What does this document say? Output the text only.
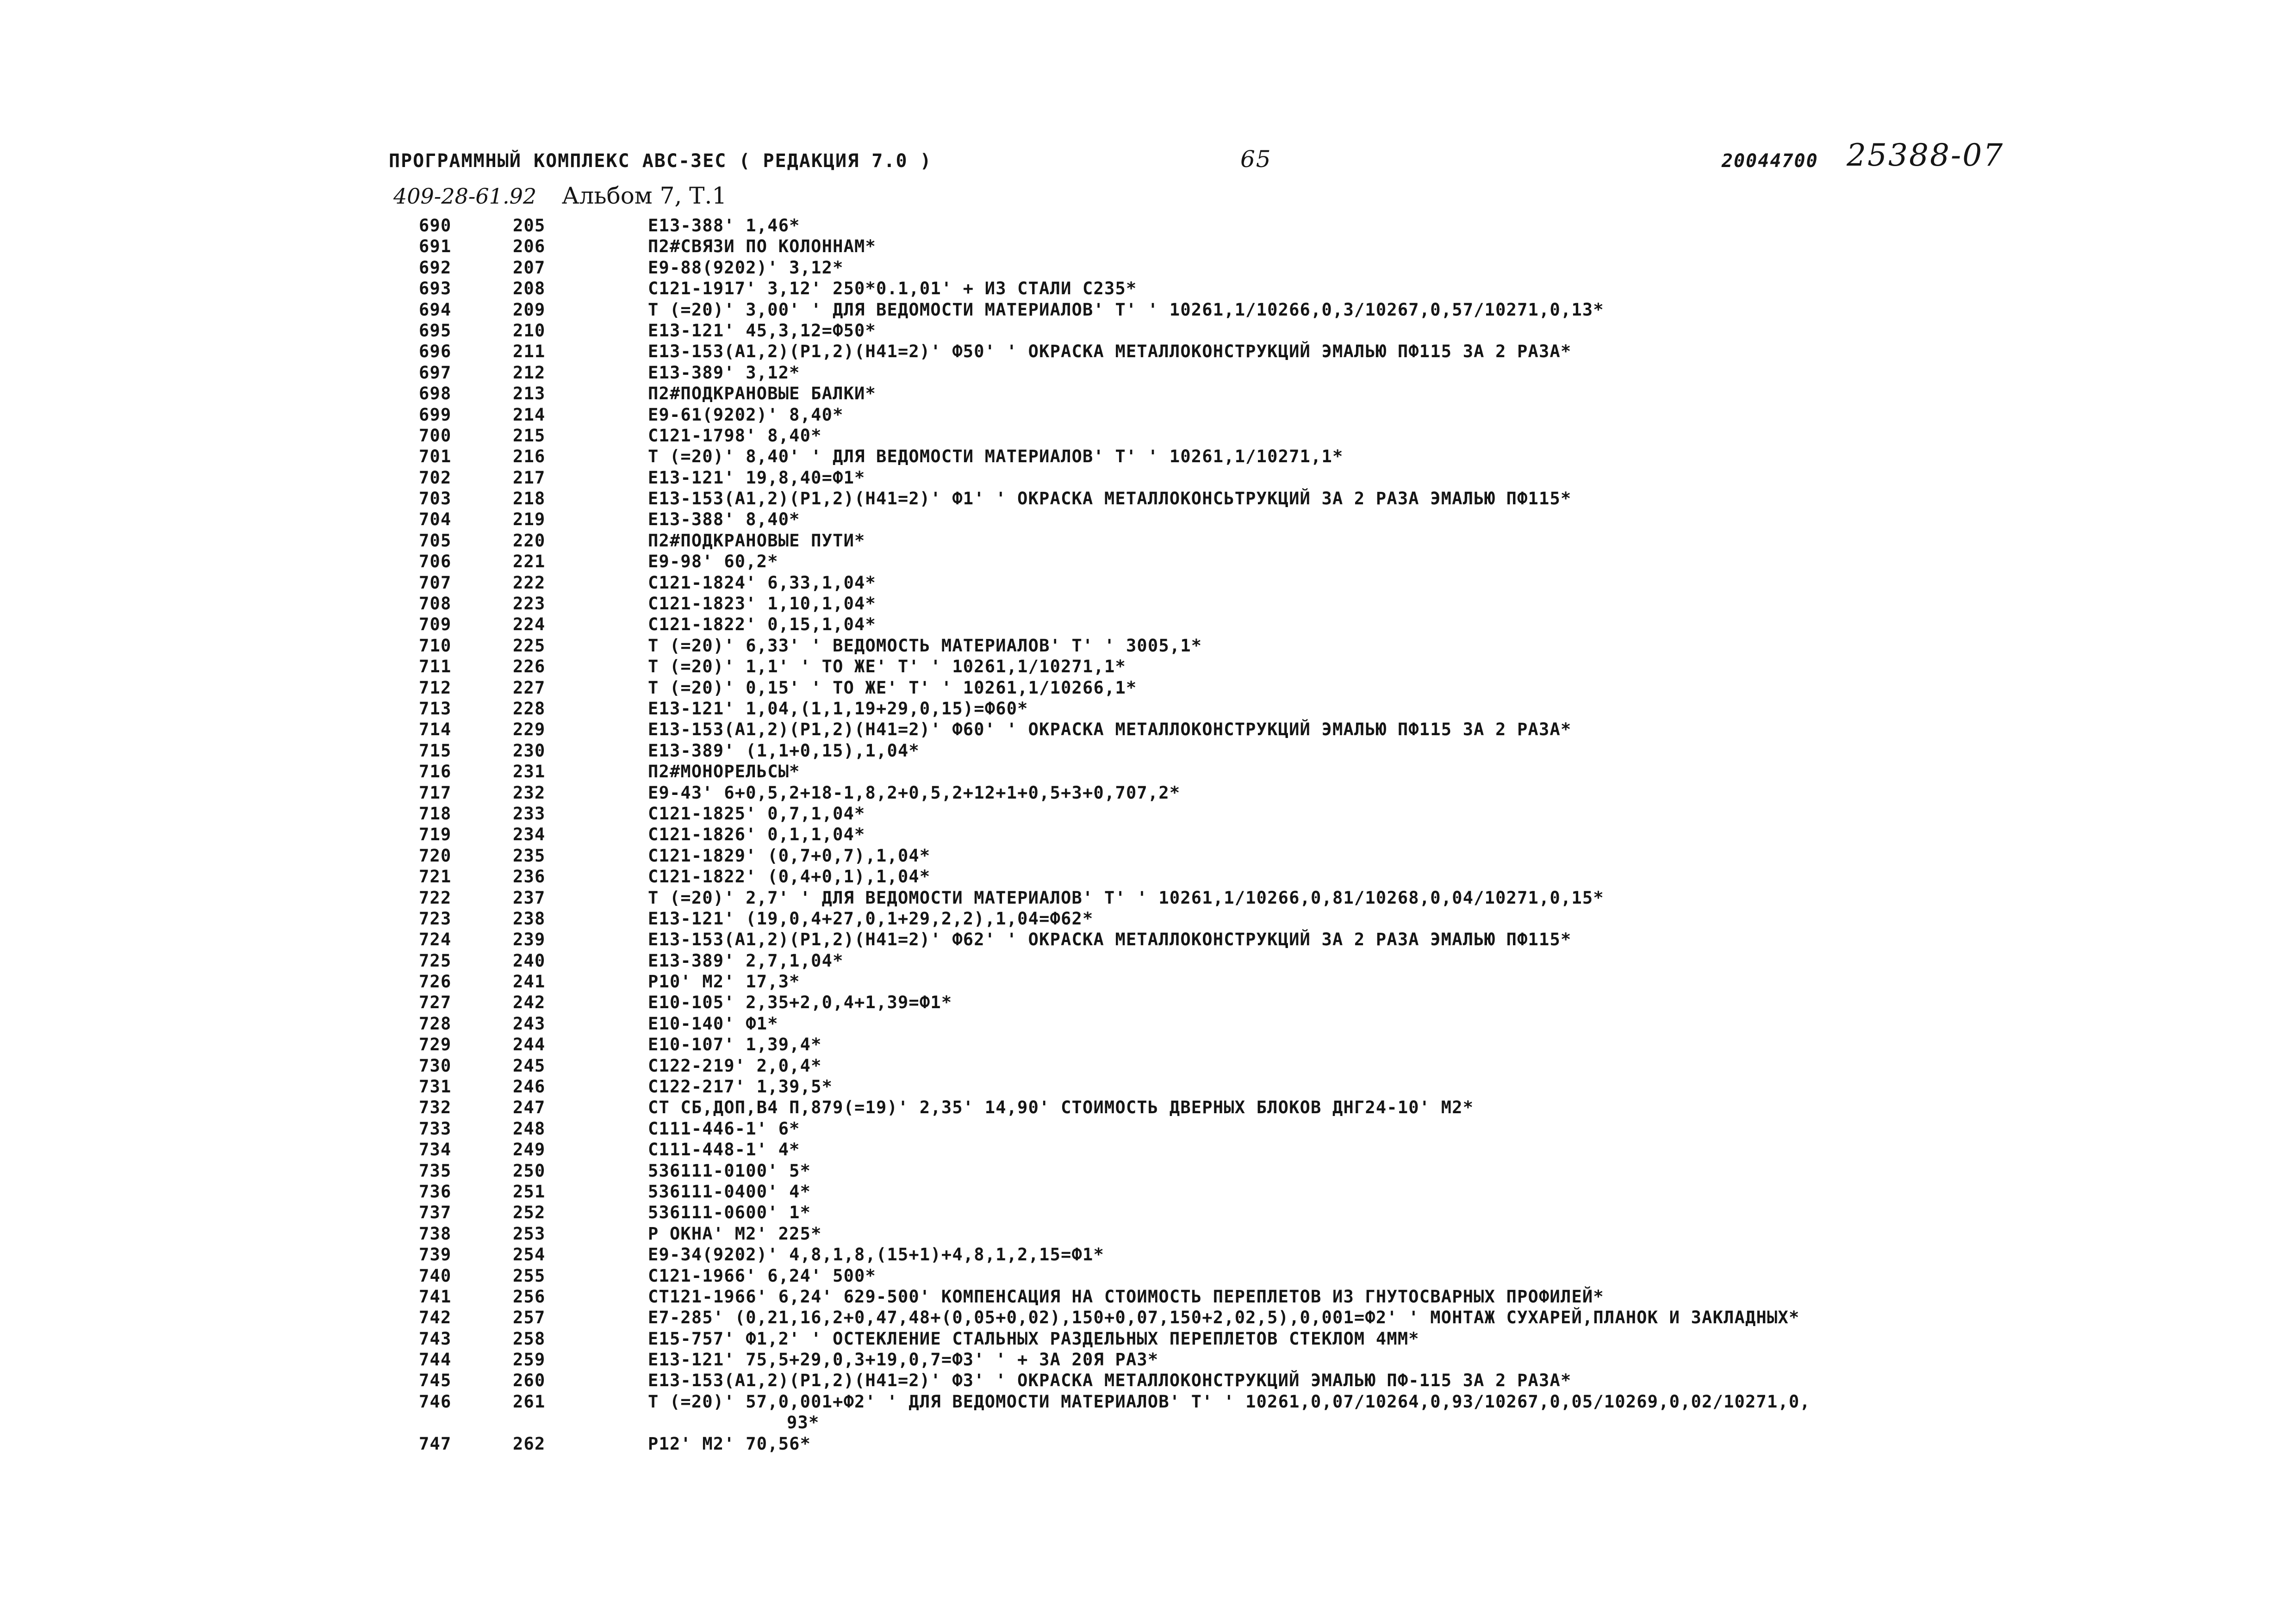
ПРОГРАММНЫЙ КОМПЛЕКС АВС-ЗЕС ( РЕДАКЦИЯ 7.0 )	65	20044700 25388-07
409-28-61.92 Альбом 7, Т.1
690	205	Е13-388' 1,46*
691	206	П2#СВЯЗИ ПО КОЛОННАМ*
692	207	Е9-88(9202)' 3,12*
693	208	С121-1917' 3,12' 250*0.1,01' + ИЗ СТАЛИ С235*
694	209	Т (=20)' 3,00' ' ДЛЯ ВЕДОМОСТИ МАТЕРИАЛОВ' Т' ' 10261,1/10266,0,3/10267,0,57/10271,0,13*
695	210	Е13-121' 45,3,12=Ф50*
696	211	Е13-153(А1,2)(Р1,2)(Н41=2)' Ф50' ' ОКРАСКА МЕТАЛЛОКОНСТРУКЦИЙ ЭМАЛЬЮ ПФ115 ЗА 2 РАЗА*
697	212	Е13-389' 3,12*
698	213	П2#ПОДКРАНОВЫЕ БАЛКИ*
699	214	Е9-61(9202)' 8,40*
700	215	С121-1798' 8,40*
701	216	Т (=20)' 8,40' ' ДЛЯ ВЕДОМОСТИ МАТЕРИАЛОВ' Т' ' 10261,1/10271,1*
702	217	Е13-121' 19,8,40=Ф1*
703	218	Е13-153(А1,2)(Р1,2)(Н41=2)' Ф1' ' ОКРАСКА МЕТАЛЛОКОНСЬТРУКЦИЙ ЗА 2 РАЗА ЭМАЛЬЮ ПФ115*
704	219	Е13-388' 8,40*
705	220	П2#ПОДКРАНОВЫЕ ПУТИ*
706	221	Е9-98' 60,2*
707	222	С121-1824' 6,33,1,04*
708	223	С121-1823' 1,10,1,04*
709	224	С121-1822' 0,15,1,04*
710	225	Т (=20)' 6,33' ' ВЕДОМОСТЬ МАТЕРИАЛОВ' Т' ' 3005,1*
711	226	Т (=20)' 1,1' ' ТО ЖЕ' Т' ' 10261,1/10271,1*
712	227	Т (=20)' 0,15' ' ТО ЖЕ' Т' ' 10261,1/10266,1*
713	228	Е13-121' 1,04,(1,1,19+29,0,15)=Ф60*
714	229	Е13-153(А1,2)(Р1,2)(Н41=2)' Ф60' ' ОКРАСКА МЕТАЛЛОКОНСТРУКЦИЙ ЭМАЛЬЮ ПФ115 ЗА 2 РАЗА*
715	230	Е13-389' (1,1+0,15),1,04*
716	231	П2#МОНОРЕЛЬСЫ*
717	232	Е9-43' 6+0,5,2+18-1,8,2+0,5,2+12+1+0,5+3+0,707,2*
718	233	С121-1825' 0,7,1,04*
719	234	С121-1826' 0,1,1,04*
720	235	С121-1829' (0,7+0,7),1,04*
721	236	С121-1822' (0,4+0,1),1,04*
722	237	Т (=20)' 2,7' ' ДЛЯ ВЕДОМОСТИ МАТЕРИАЛОВ' Т' ' 10261,1/10266,0,81/10268,0,04/10271,0,15*
723	238	Е13-121' (19,0,4+27,0,1+29,2,2),1,04=Ф62*
724	239	Е13-153(А1,2)(Р1,2)(Н41=2)' Ф62' ' ОКРАСКА МЕТАЛЛОКОНСТРУКЦИЙ ЗА 2 РАЗА ЭМАЛЬЮ ПФ115*
725	240	Е13-389' 2,7,1,04*
726	241	Р10' М2' 17,3*
727	242	Е10-105' 2,35+2,0,4+1,39=Ф1*
728	243	Е10-140' Ф1*
729	244	Е10-107' 1,39,4*
730	245	С122-219' 2,0,4*
731	246	С122-217' 1,39,5*
732	247	СТ СБ,ДОП,В4 П,879(=19)' 2,35' 14,90' СТОИМОСТЬ ДВЕРНЫХ БЛОКОВ ДНГ24-10' М2*
733	248	С111-446-1' 6*
734	249	С111-448-1' 4*
735	250	536111-0100' 5*
736	251	536111-0400' 4*
737	252	536111-0600' 1*
738	253	Р ОКНА' М2' 225*
739	254	Е9-34(9202)' 4,8,1,8,(15+1)+4,8,1,2,15=Ф1*
740	255	С121-1966' 6,24' 500*
741	256	СТ121-1966' 6,24' 629-500' КОМПЕНСАЦИЯ НА СТОИМОСТЬ ПЕРЕПЛЕТОВ ИЗ ГНУТОСВАРНЫХ ПРОФИЛЕЙ*
742	257	Е7-285' (0,21,16,2+0,47,48+(0,05+0,02),150+0,07,150+2,02,5),0,001=Ф2' ' МОНТАЖ СУХАРЕЙ,ПЛАНОК И ЗАКЛАДНЫХ*
743	258	Е15-757' Ф1,2' ' ОСТЕКЛЕНИЕ СТАЛЬНЫХ РАЗДЕЛЬНЫХ ПЕРЕПЛЕТОВ СТЕКЛОМ 4ММ*
744	259	Е13-121' 75,5+29,0,3+19,0,7=Ф3' ' + ЗА 20Я РАЗ*
745	260	Е13-153(А1,2)(Р1,2)(Н41=2)' Ф3' ' ОКРАСКА МЕТАЛЛОКОНСТРУКЦИЙ ЭМАЛЬЮ ПФ-115 ЗА 2 РАЗА*
746	261	Т (=20)' 57,0,001+Ф2' ' ДЛЯ ВЕДОМОСТИ МАТЕРИАЛОВ' Т' ' 10261,0,07/10264,0,93/10267,0,05/10269,0,02/10271,0,
93*
747	262	Р12' М2' 70,56*
